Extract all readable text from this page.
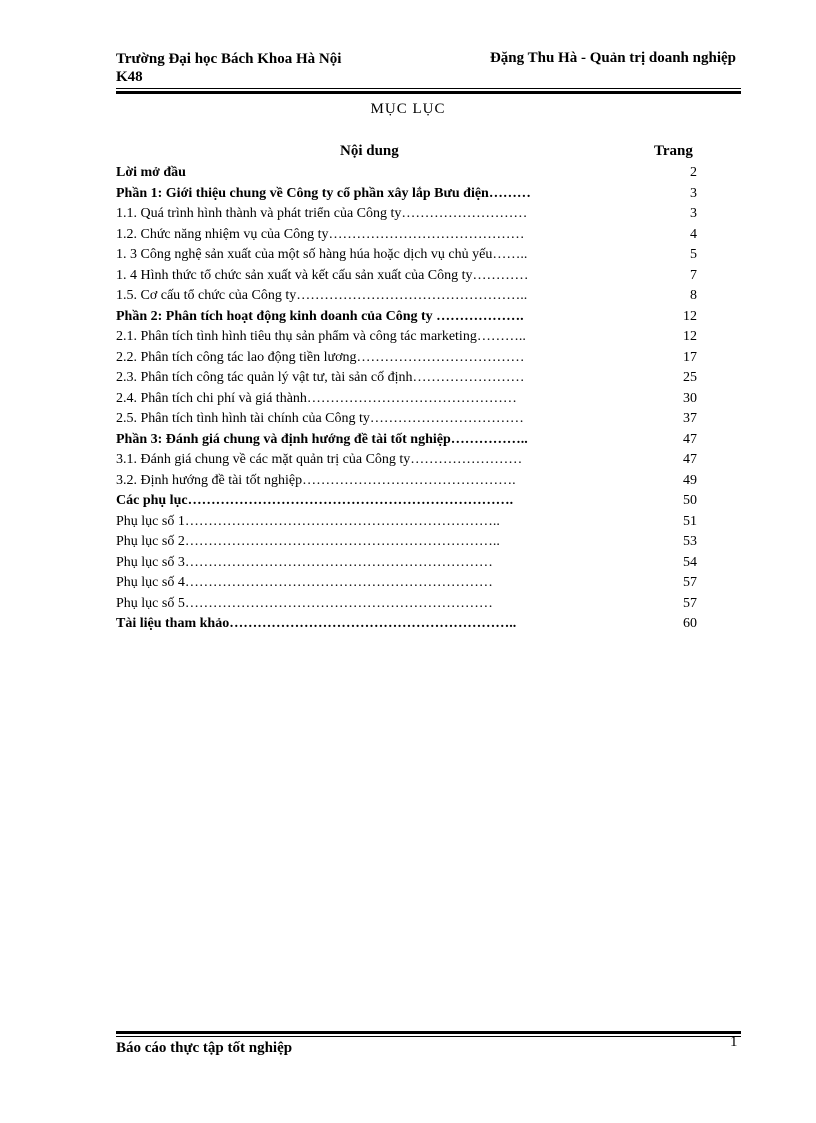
Trường Đại học Bách Khoa Hà Nội
K48
Đặng Thu Hà - Quản trị doanh nghiệp
MỤC LỤC
Nội dung	Trang
Lời mở đầu	2
Phần 1: Giới thiệu chung về Công ty cổ phần xây lắp Bưu điện………	3
1.1. Quá trình hình thành và phát triển của Công ty………………………	3
1.2. Chức năng nhiệm vụ của Công ty……………………………………	4
1. 3 Công nghệ sản xuất của một số hàng húa hoặc dịch vụ chủ yếu……..	5
1. 4 Hình thức tổ chức sản xuất và kết cấu sản xuất của Công ty…………	7
1.5. Cơ cấu tổ chức của Công ty…………………………………………..	8
Phần 2: Phân tích hoạt động kinh doanh của Công ty ……………….	12
2.1. Phân tích tình hình tiêu thụ sản phẩm và công tác marketing………..	12
2.2. Phân tích công tác lao động tiền lương………………………………	17
2.3. Phân tích công tác quản lý vật tư, tài sản cố định……………………	25
2.4. Phân tích chi phí và giá thành………………………………………	30
2.5. Phân tích tình hình tài chính của Công ty……………………………	37
Phần 3: Đánh giá chung và định hướng đề tài tốt nghiệp……………..	47
3.1. Đánh giá chung về các mặt quản trị của Công ty……………………	47
3.2. Định hướng đề tài tốt nghiệp……………………………………….	49
Các phụ lục…………………………………………………………….	50
Phụ lục số 1…………………………………………………………..	51
Phụ lục số 2…………………………………………………………..	53
Phụ lục số 3…………………………………………………………	54
Phụ lục số 4…………………………………………………………	57
Phụ lục số 5…………………………………………………………	57
Tài liệu tham khảo……………………………………………………..	60
Báo cáo thực tập tốt nghiệp	1
